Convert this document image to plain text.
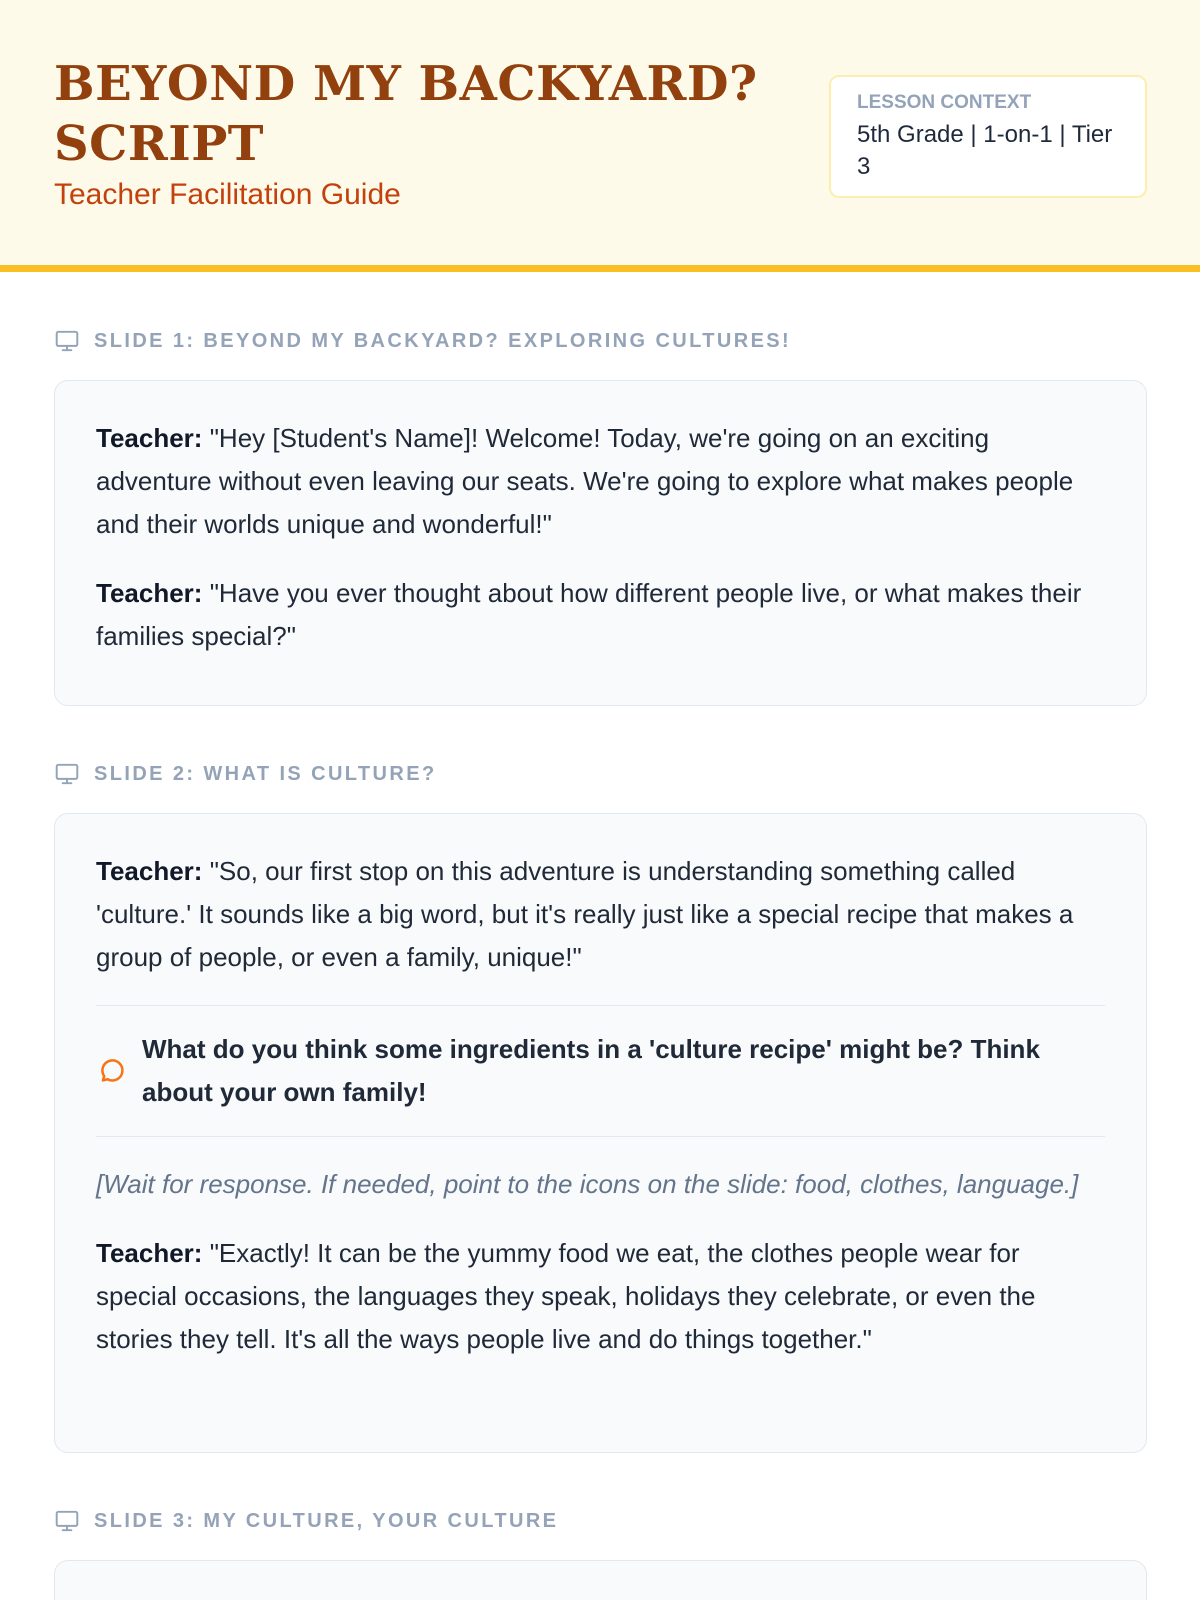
BEYOND MY BACKYARD? SCRIPT
Teacher Facilitation Guide
LESSON CONTEXT
5th Grade | 1-on-1 | Tier 3
SLIDE 1: BEYOND MY BACKYARD? EXPLORING CULTURES!

Teacher: "Hey [Student's Name]! Welcome! Today, we're going on an exciting adventure without even leaving our seats. We're going to explore what makes people and their worlds unique and wonderful!"

Teacher: "Have you ever thought about how different people live, or what makes their families special?"

SLIDE 2: WHAT IS CULTURE?

Teacher: "So, our first stop on this adventure is understanding something called 'culture.' It sounds like a big word, but it's really just like a special recipe that makes a group of people, or even a family, unique!"

What do you think some ingredients in a 'culture recipe' might be? Think about your own family!

[Wait for response. If needed, point to the icons on the slide: food, clothes, language.]

Teacher: "Exactly! It can be the yummy food we eat, the clothes people wear for special occasions, the languages they speak, holidays they celebrate, or even the stories they tell. It's all the ways people live and do things together."

SLIDE 3: MY CULTURE, YOUR CULTURE
